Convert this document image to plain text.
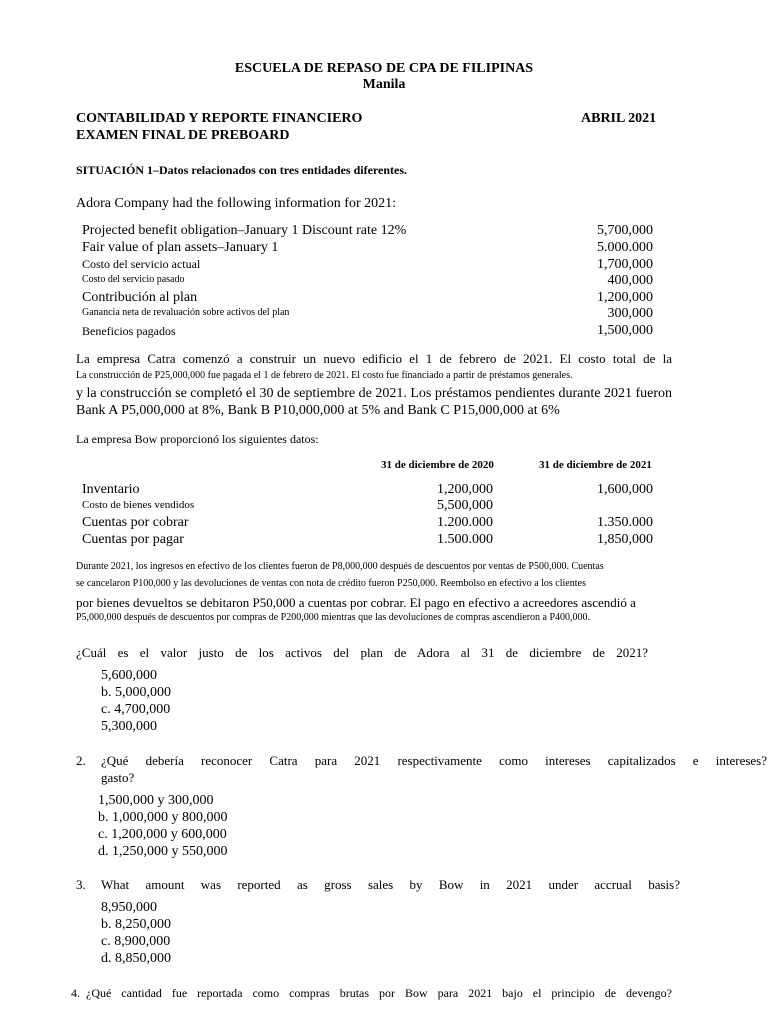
ESCUELA DE REPASO DE CPA DE FILIPINAS
Manila
CONTABILIDAD Y REPORTE FINANCIERO
EXAMEN FINAL DE PREBOARD
ABRIL 2021
SITUACIÓN 1–Datos relacionados con tres entidades diferentes.
Adora Company had the following information for 2021:
Projected benefit obligation–January 1 Discount rate 12%	5,700,000
Fair value of plan assets–January 1	5.000.000
Costo del servicio actual	1,700,000
Costo del servicio pasado	400,000
Contribución al plan	1,200,000
Ganancia neta de revaluación sobre activos del plan	300,000
Beneficios pagados	1,500,000
La empresa Catra comenzó a construir un nuevo edificio el 1 de febrero de 2021. El costo total de la
La construcción de P25,000,000 fue pagada el 1 de febrero de 2021. El costo fue financiado a partir de préstamos generales.
y la construcción se completó el 30 de septiembre de 2021. Los préstamos pendientes durante 2021 fueron
Bank A P5,000,000 at 8%, Bank B P10,000,000 at 5% and Bank C P15,000,000 at 6%
La empresa Bow proporcionó los siguientes datos:
31 de diciembre de 2020	31 de diciembre de 2021
Inventario	1,200,000	1,600,000
Costo de bienes vendidos	5,500,000
Cuentas por cobrar	1.200.000	1.350.000
Cuentas por pagar	1.500.000	1,850,000
Durante 2021, los ingresos en efectivo de los clientes fueron de P8,000,000 después de descuentos por ventas de P500,000. Cuentas
se cancelaron P100,000 y las devoluciones de ventas con nota de crédito fueron P250,000. Reembolso en efectivo a los clientes
por bienes devueltos se debitaron P50,000 a cuentas por cobrar. El pago en efectivo a acreedores ascendió a
P5,000,000 después de descuentos por compras de P200,000 mientras que las devoluciones de compras ascendieron a P400,000.
¿Cuál es el valor justo de los activos del plan de Adora al 31 de diciembre de 2021?
5,600,000
b. 5,000,000
c. 4,700,000
5,300,000
2. ¿Qué debería reconocer Catra para 2021 respectivamente como intereses capitalizados e intereses?
gasto?
1,500,000 y 300,000
b. 1,000,000 y 800,000
c. 1,200,000 y 600,000
d. 1,250,000 y 550,000
3. What amount was reported as gross sales by Bow in 2021 under accrual basis?
8,950,000
b. 8,250,000
c. 8,900,000
d. 8,850,000
4. ¿Qué cantidad fue reportada como compras brutas por Bow para 2021 bajo el principio de devengo?
